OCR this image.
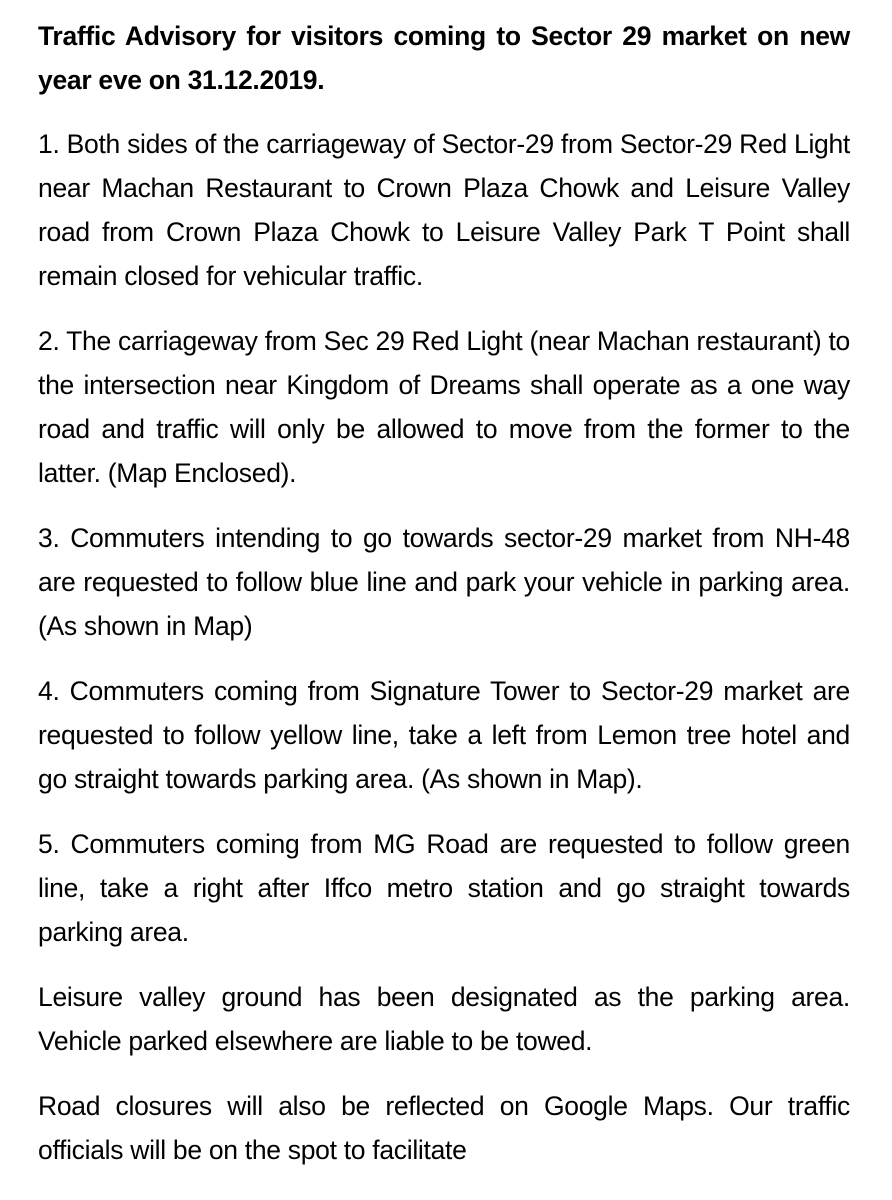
Traffic Advisory for visitors coming to Sector 29 market on new year eve on 31.12.2019.
1. Both sides of the carriageway of Sector-29 from Sector-29 Red Light near Machan Restaurant to Crown Plaza Chowk and Leisure Valley road from Crown Plaza Chowk to Leisure Valley Park T Point shall remain closed for vehicular traffic.
2. The carriageway from Sec 29 Red Light (near Machan restaurant) to the intersection near Kingdom of Dreams shall operate as a one way road and traffic will only be allowed to move from the former to the latter. (Map Enclosed).
3. Commuters intending to go towards sector-29 market from NH-48 are requested to follow blue line and park your vehicle in parking area. (As shown in Map)
4. Commuters coming from Signature Tower to Sector-29 market are requested to follow yellow line, take a left from Lemon tree hotel and go straight towards parking area. (As shown in Map).
5. Commuters coming from MG Road are requested to follow green line, take a right after Iffco metro station and go straight towards parking area.
Leisure valley ground has been designated as the parking area. Vehicle parked elsewhere are liable to be towed.
Road closures will also be reflected on Google Maps. Our traffic officials will be on the spot to facilitate
